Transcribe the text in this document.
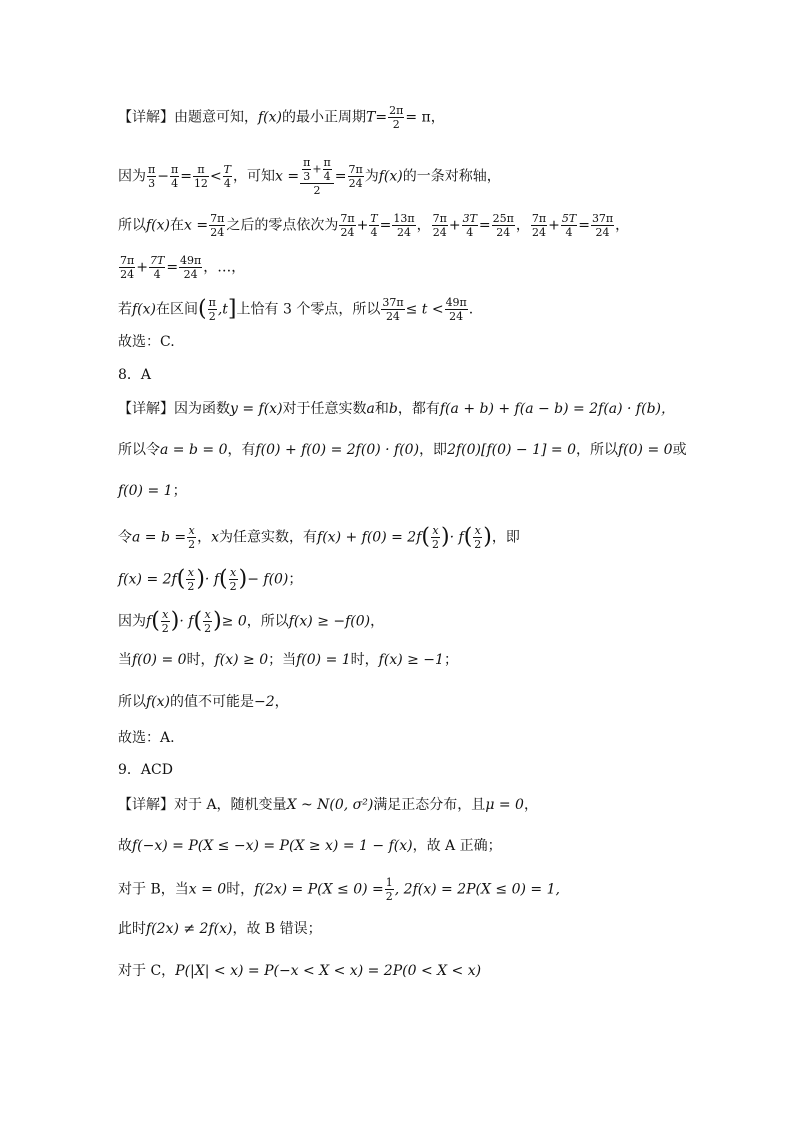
【详解】由题意可知，f(x)的最小正周期$T= \frac{2\pi}{2} = \pi$，
因为 $\frac{\pi}{3} - \frac{\pi}{4} = \frac{\pi}{12} < \frac{T}{4}$ ，可知$x = \frac{\frac{\pi}{3} + \frac{\pi}{4}}{2} = \frac{7\pi}{24}$ 为f(x)的一条对称轴，
所以f(x)在$x = \frac{7\pi}{24}$ 之后的零点依次为 $\frac{7\pi}{24} + \frac{T}{4} = \frac{13\pi}{24}$ ， $\frac{7\pi}{24} + \frac{3T}{4} = \frac{25\pi}{24}$ ， $\frac{7\pi}{24} + \frac{5T}{4} = \frac{37\pi}{24}$ ，
$\frac{7\pi}{24} + \frac{7T}{4} = \frac{49\pi}{24}$ ，…，
若f(x)在区间( $\frac{\pi}{2} ,t$]上恰有 3 个零点，所以 $\frac{37\pi}{24} \le t < \frac{49\pi}{24}$ .
故选：C.
8．A
【详解】因为函数y = f(x)对于任意实数a和b，都有f(a + b) + f(a − b) = 2f(a) · f(b)，
所以令a = b = 0，有f(0) + f(0) = 2f(0) · f(0)，即2f(0)[f(0) − 1] = 0，所以f(0) = 0或
f(0) = 1；
令$a = b = \frac{x}{2}$ ，x为任意实数，有$f(x) + f(0) = 2f( \frac{x}{2}$ )· $f( \frac{x}{2}$ )，即
$f(x) = 2f( \frac{x}{2}$ )· $f( \frac{x}{2}$ )− f(0)；
因为$f( \frac{x}{2}$ )· $f( \frac{x}{2}$ )≥ 0，所以f(x) ≥ −f(0)，
当f(0) = 0时，f(x) ≥ 0；当f(0) = 1时，f(x) ≥ −1；
所以f(x)的值不可能是−2，
故选：A.
9．ACD
【详解】对于 A，随机变量X ~ N(0, σ²)满足正态分布，且μ = 0，
故f(−x) = P(X ≤ −x) = P(X ≥ x) = 1 − f(x)，故 A 正确；
对于 B，当x = 0时，$f(2x) = P(X \le 0) = \frac{1}{2}$ , 2f(x) = 2P(X ≤ 0) = 1,
此时f(2x) ≠ 2f(x)，故 B 错误；
对于 C，P(|X| < x) = P(−x < X < x) = 2P(0 < X < x)
